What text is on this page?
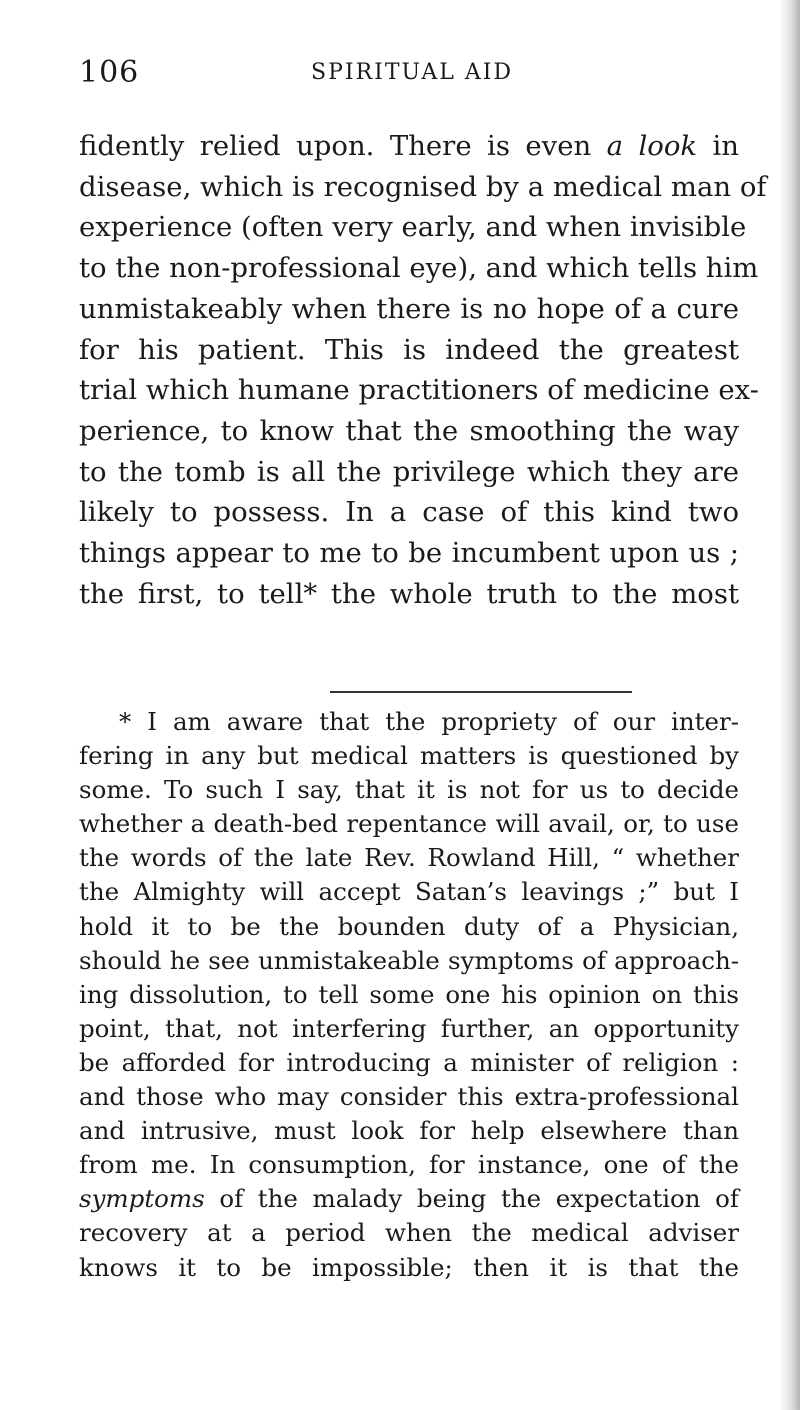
106	SPIRITUAL AID
fidently relied upon. There is even a look in
disease, which is recognised by a medical man of
experience (often very early, and when invisible
to the non-professional eye), and which tells him
unmistakeably when there is no hope of a cure
for his patient. This is indeed the greatest
trial which humane practitioners of medicine ex-
perience, to know that the smoothing the way
to the tomb is all the privilege which they are
likely to possess. In a case of this kind two
things appear to me to be incumbent upon us ;
the first, to tell* the whole truth to the most
* I am aware that the propriety of our inter-
fering in any but medical matters is questioned by
some. To such I say, that it is not for us to decide
whether a death-bed repentance will avail, or, to use
the words of the late Rev. Rowland Hill, “ whether
the Almighty will accept Satan’s leavings ;” but I
hold it to be the bounden duty of a Physician,
should he see unmistakeable symptoms of approach-
ing dissolution, to tell some one his opinion on this
point, that, not interfering further, an opportunity
be afforded for introducing a minister of religion :
and those who may consider this extra-professional
and intrusive, must look for help elsewhere than
from me. In consumption, for instance, one of the
symptoms of the malady being the expectation of
recovery at a period when the medical adviser
knows it to be impossible; then it is that the
